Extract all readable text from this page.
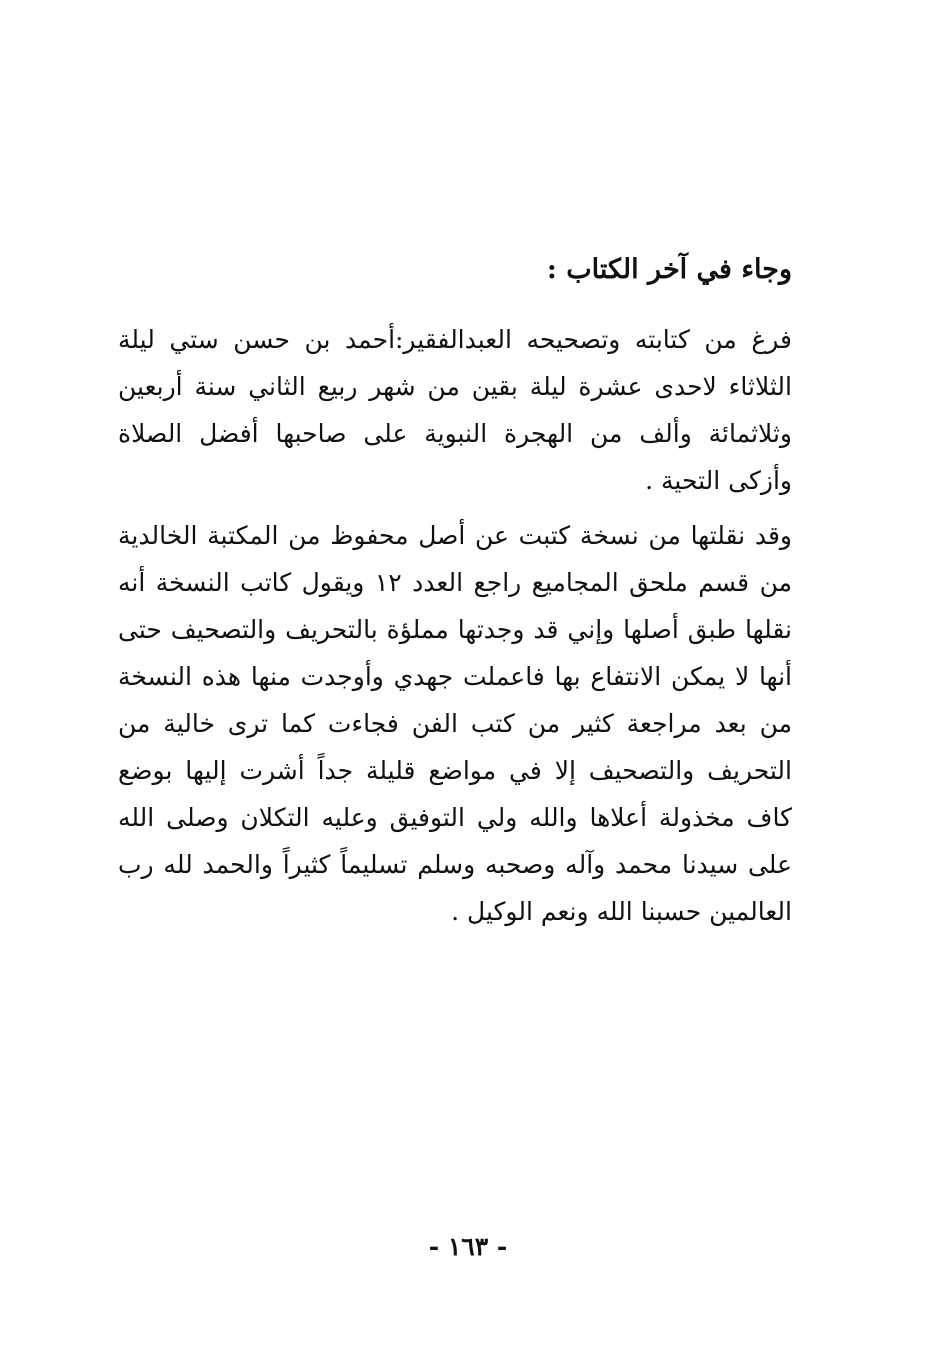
وجاء في آخر الكتاب :

فرغ من كتابته وتصحيحه العبدالفقير:أحمد بن حسن ستي ليلة الثلاثاء لاحدى عشرة ليلة بقين من شهر ربيع الثاني سنة أربعين وثلاثمائة وألف من الهجرة النبوية على صاحبها أفضل الصلاة وأزكى التحية .

وقد نقلتها من نسخة كتبت عن أصل محفوظ من المكتبة الخالدية من قسم ملحق المجاميع راجع العدد ١٢ ويقول كاتب النسخة أنه نقلها طبق أصلها وإني قد وجدتها مملؤة بالتحريف والتصحيف حتى أنها لا يمكن الانتفاع بها فاعملت جهدي وأوجدت منها هذه النسخة من بعد مراجعة كثير من كتب الفن فجاءت كما ترى خالية من التحريف والتصحيف إلا في مواضع قليلة جداً أشرت إليها بوضع كاف مخذولة أعلاها والله ولي التوفيق وعليه التكلان وصلى الله على سيدنا محمد وآله وصحبه وسلم تسليماً كثيراً والحمد لله رب العالمين حسبنا الله ونعم الوكيل .

- ١٦٣ -
